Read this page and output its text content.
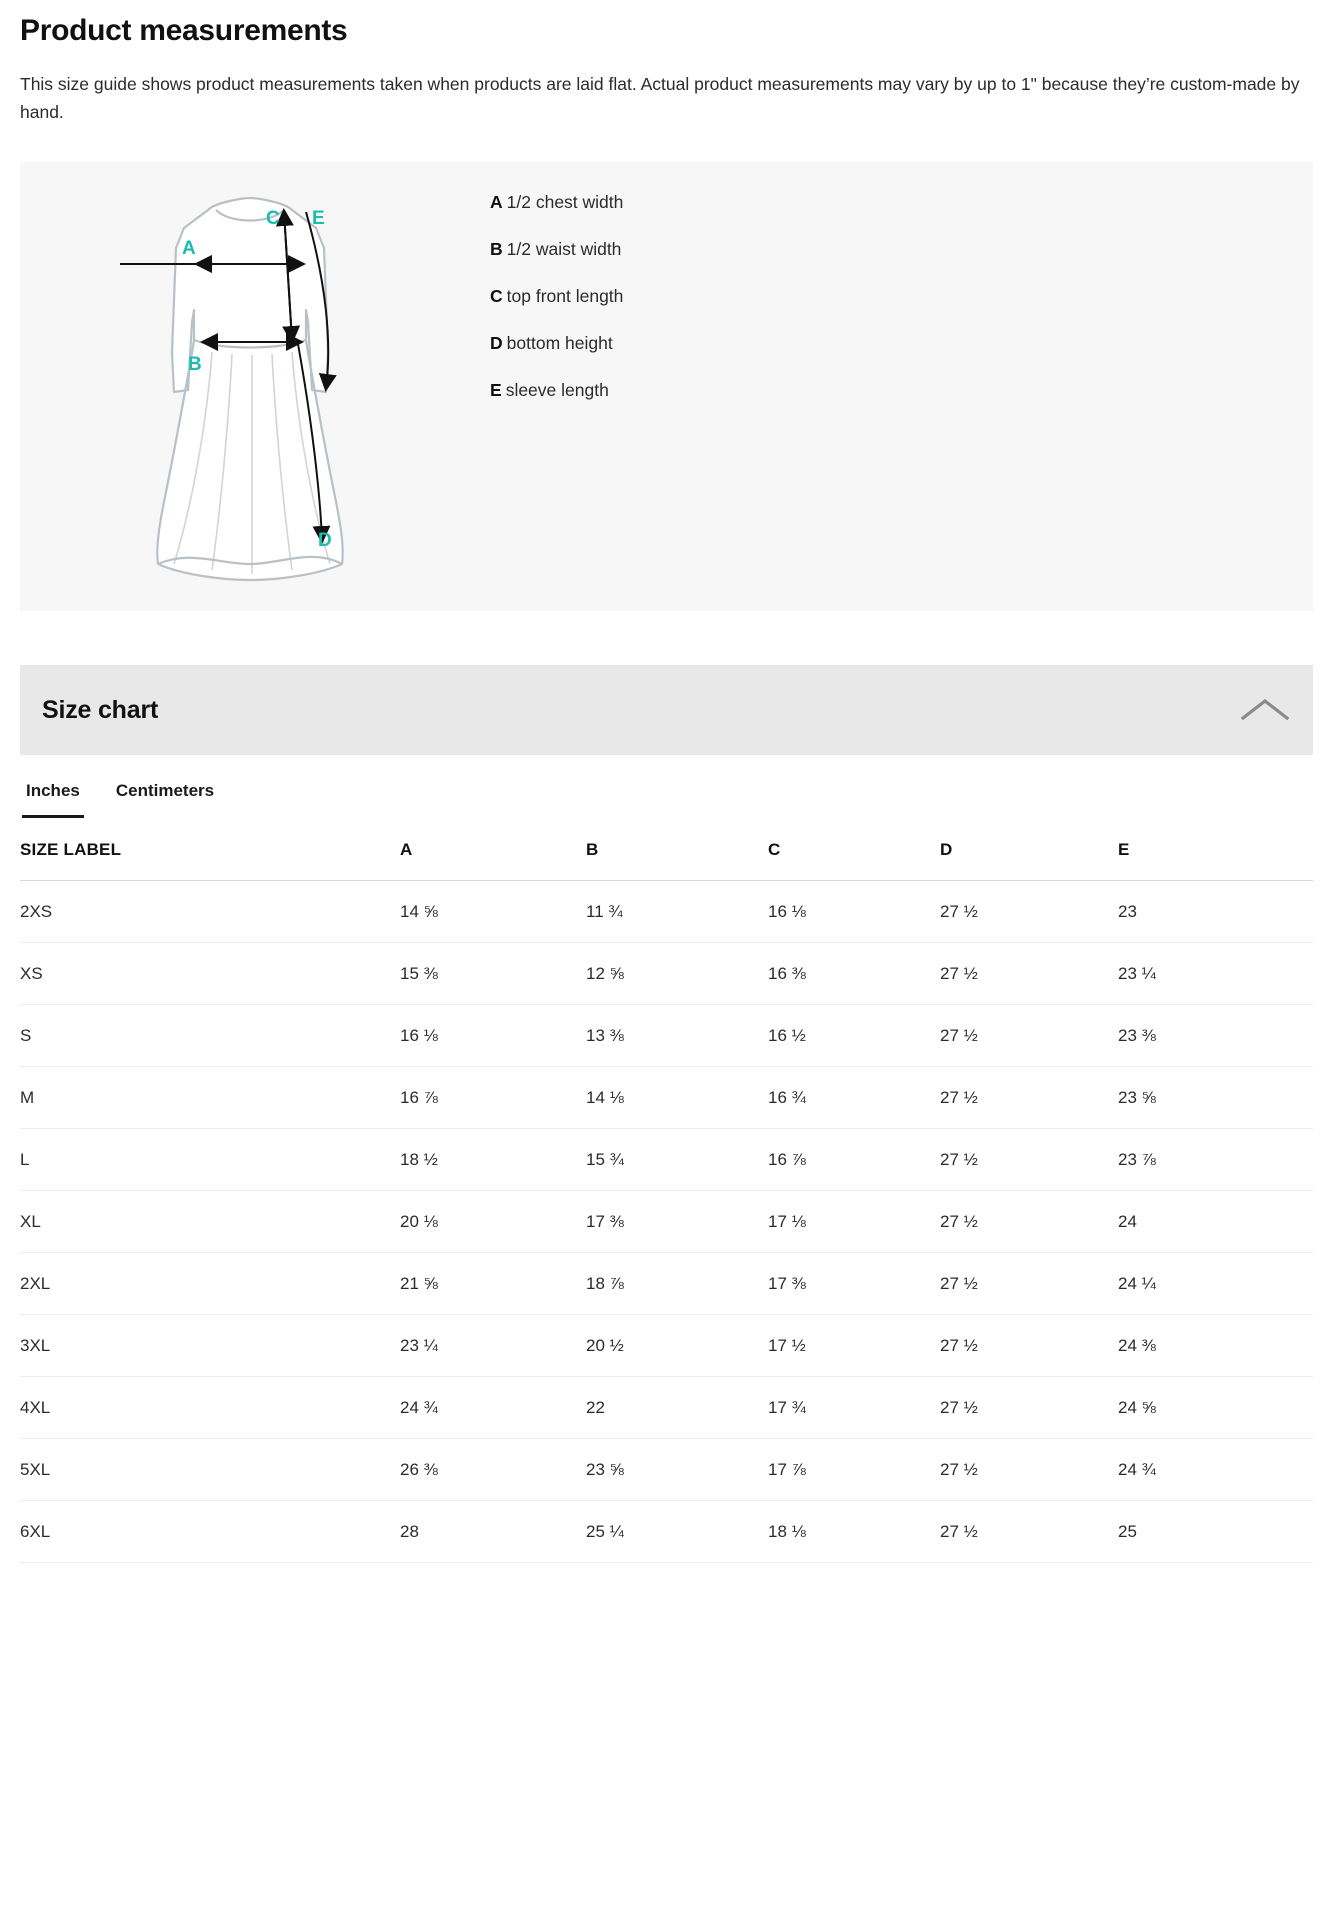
Product measurements

This size guide shows product measurements taken when products are laid flat. Actual product measurements may vary by up to 1" because they’re custom-made by hand.

A
B
C
D
E
A 1/2 chest width
B 1/2 waist width
C top front length
D bottom height
E sleeve length
Size chart
Inches Centimeters
SIZE LABEL	A	B	C	D	E
2XS	14 ⅝	11 ¾	16 ⅛	27 ½	23
XS	15 ⅜	12 ⅝	16 ⅜	27 ½	23 ¼
S	16 ⅛	13 ⅜	16 ½	27 ½	23 ⅜
M	16 ⅞	14 ⅛	16 ¾	27 ½	23 ⅝
L	18 ½	15 ¾	16 ⅞	27 ½	23 ⅞
XL	20 ⅛	17 ⅜	17 ⅛	27 ½	24
2XL	21 ⅝	18 ⅞	17 ⅜	27 ½	24 ¼
3XL	23 ¼	20 ½	17 ½	27 ½	24 ⅜
4XL	24 ¾	22	17 ¾	27 ½	24 ⅝
5XL	26 ⅜	23 ⅝	17 ⅞	27 ½	24 ¾
6XL	28	25 ¼	18 ⅛	27 ½	25
